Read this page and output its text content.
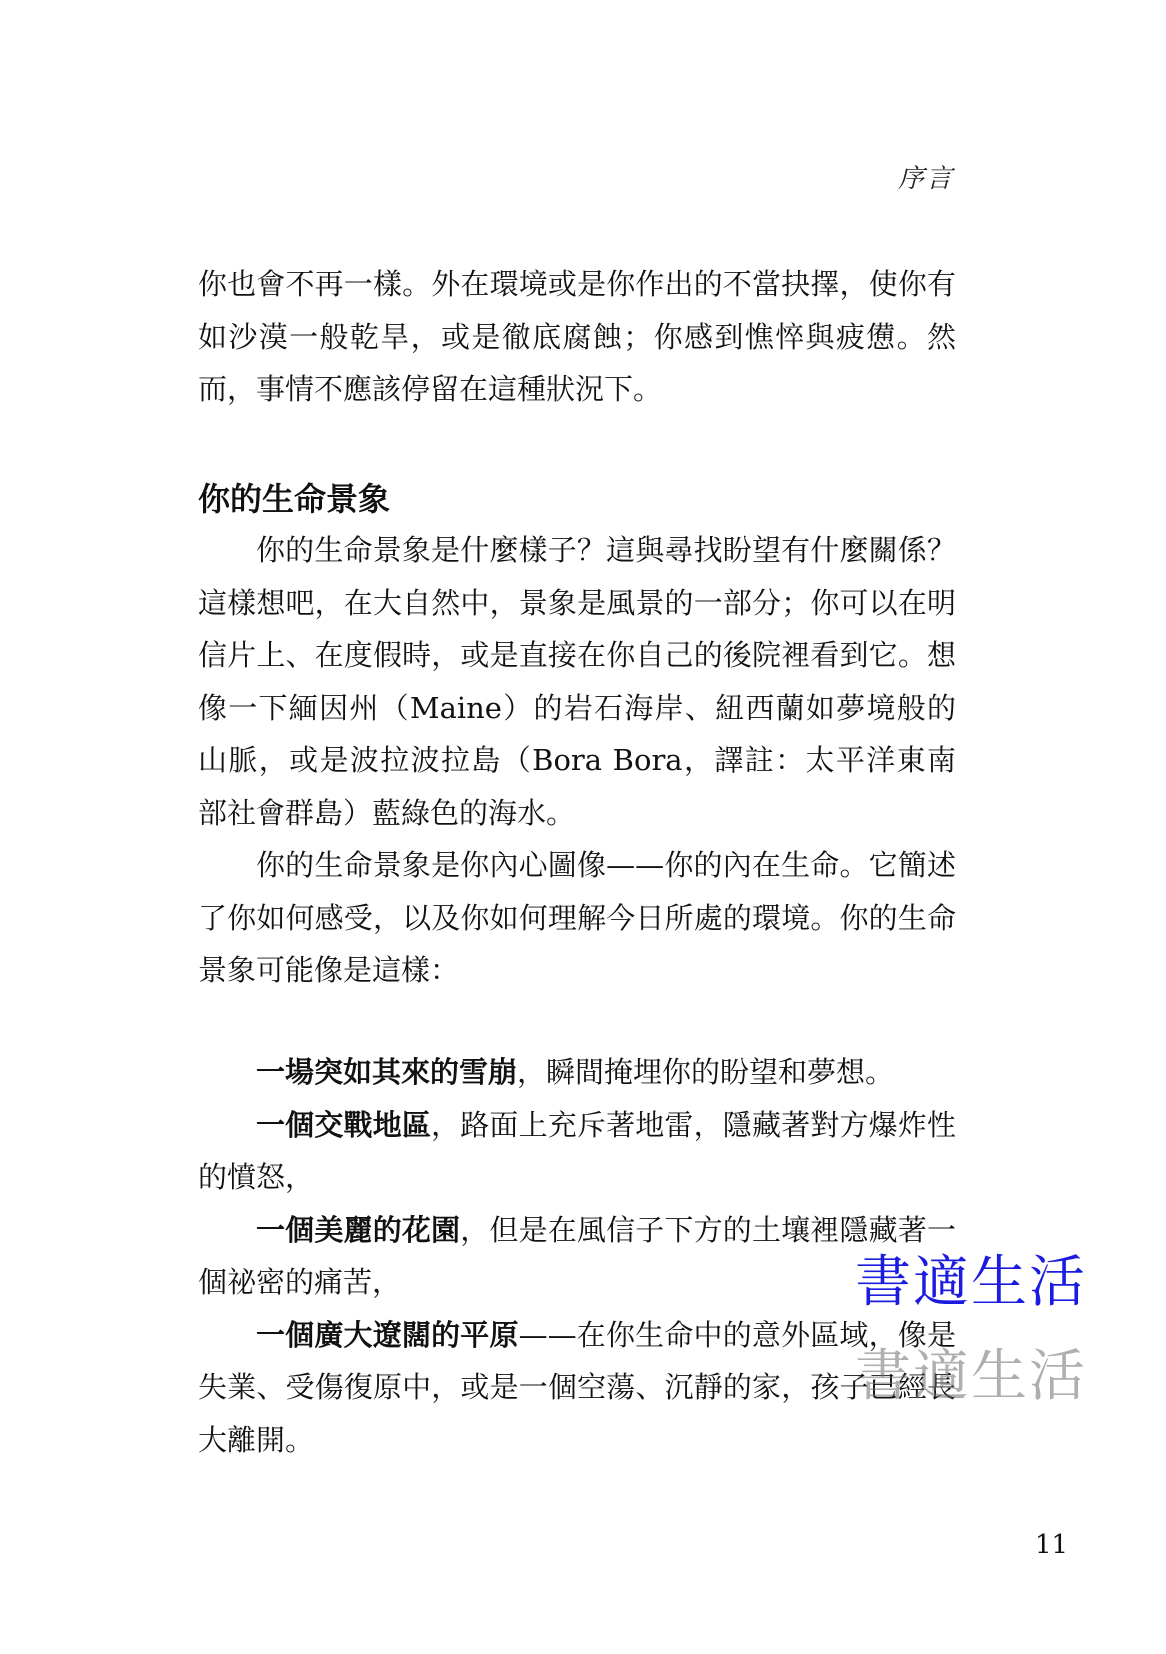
序言

你也會不再一樣。外在環境或是你作出的不當抉擇，使你有如沙漠一般乾旱，或是徹底腐蝕；你感到憔悴與疲憊。然而，事情不應該停留在這種狀況下。

你的生命景象

你的生命景象是什麼樣子？這與尋找盼望有什麼關係？這樣想吧，在大自然中，景象是風景的一部分；你可以在明信片上、在度假時，或是直接在你自己的後院裡看到它。想像一下緬因州（Maine）的岩石海岸、紐西蘭如夢境般的山脈，或是波拉波拉島（Bora Bora，譯註：太平洋東南部社會群島）藍綠色的海水。

你的生命景象是你內心圖像——你的內在生命。它簡述了你如何感受，以及你如何理解今日所處的環境。你的生命景象可能像是這樣：

一場突如其來的雪崩，瞬間掩埋你的盼望和夢想。

一個交戰地區，路面上充斥著地雷，隱藏著對方爆炸性的憤怒，

一個美麗的花園，但是在風信子下方的土壤裡隱藏著一個祕密的痛苦，

一個廣大遼闊的平原——在你生命中的意外區域，像是失業、受傷復原中，或是一個空蕩、沉靜的家，孩子已經長大離開。

書適生活
書適生活
11
